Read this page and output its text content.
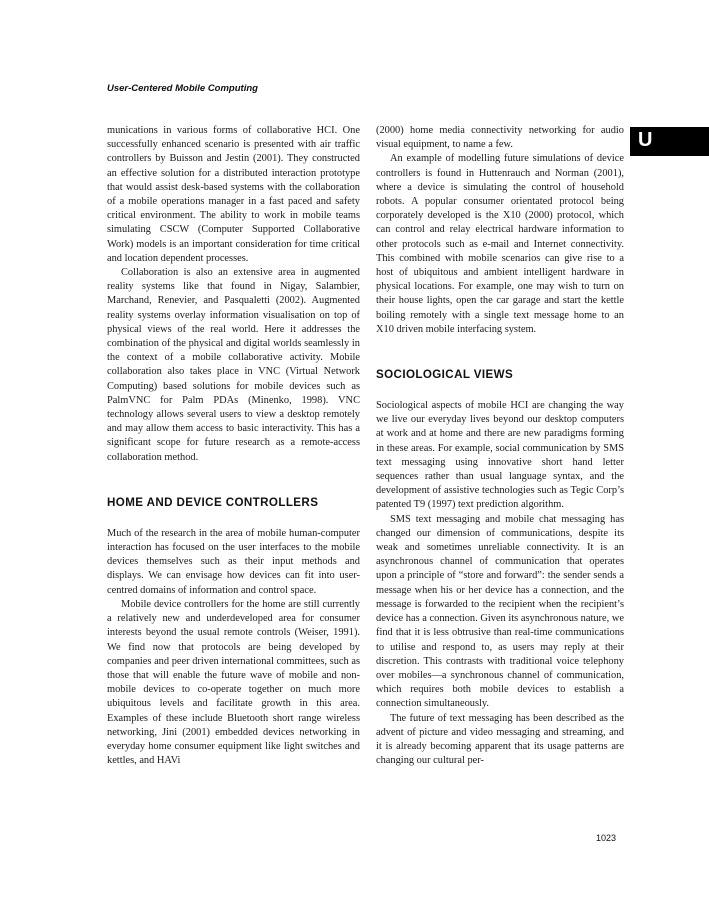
User-Centered Mobile Computing
U

munications in various forms of collaborative HCI. One successfully enhanced scenario is presented with air traffic controllers by Buisson and Jestin (2001). They constructed an effective solution for a distributed interaction prototype that would assist desk-based systems with the collaboration of a mobile operations manager in a fast paced and safety critical environment. The ability to work in mobile teams simulating CSCW (Computer Supported Collaborative Work) models is an important consideration for time critical and location dependent processes.

Collaboration is also an extensive area in augmented reality systems like that found in Nigay, Salambier, Marchand, Renevier, and Pasqualetti (2002). Augmented reality systems overlay information visualisation on top of physical views of the real world. Here it addresses the combination of the physical and digital worlds seamlessly in the context of a mobile collaborative activity. Mobile collaboration also takes place in VNC (Virtual Network Computing) based solutions for mobile devices such as PalmVNC for Palm PDAs (Minenko, 1998). VNC technology allows several users to view a desktop remotely and may allow them access to basic interactivity. This has a significant scope for future research as a remote-access collaboration method.

HOME AND DEVICE CONTROLLERS

Much of the research in the area of mobile human-computer interaction has focused on the user interfaces to the mobile devices themselves such as their input methods and displays. We can envisage how devices can fit into user-centred domains of information and control space.

Mobile device controllers for the home are still currently a relatively new and underdeveloped area for consumer interests beyond the usual remote controls (Weiser, 1991). We find now that protocols are being developed by companies and peer driven international committees, such as those that will enable the future wave of mobile and non-mobile devices to co-operate together on much more ubiquitous levels and facilitate growth in this area. Examples of these include Bluetooth short range wireless networking, Jini (2001) embedded devices networking in everyday home consumer equipment like light switches and kettles, and HAVi

(2000) home media connectivity networking for audio visual equipment, to name a few.

An example of modelling future simulations of device controllers is found in Huttenrauch and Norman (2001), where a device is simulating the control of household robots. A popular consumer orientated protocol being corporately developed is the X10 (2000) protocol, which can control and relay electrical hardware information to other protocols such as e-mail and Internet connectivity. This combined with mobile scenarios can give rise to a host of ubiquitous and ambient intelligent hardware in physical locations. For example, one may wish to turn on their house lights, open the car garage and start the kettle boiling remotely with a single text message home to an X10 driven mobile interfacing system.

SOCIOLOGICAL VIEWS

Sociological aspects of mobile HCI are changing the way we live our everyday lives beyond our desktop computers at work and at home and there are new paradigms forming in these areas. For example, social communication by SMS text messaging using innovative short hand letter sequences rather than usual language syntax, and the development of assistive technologies such as Tegic Corp’s patented T9 (1997) text prediction algorithm.

SMS text messaging and mobile chat messaging has changed our dimension of communications, despite its weak and sometimes unreliable connectivity. It is an asynchronous channel of communication that operates upon a principle of “store and forward”: the sender sends a message when his or her device has a connection, and the message is forwarded to the recipient when the recipient’s device has a connection. Given its asynchronous nature, we find that it is less obtrusive than real-time communications to utilise and respond to, as users may reply at their discretion. This contrasts with traditional voice telephony over mobiles—a synchronous channel of communication, which requires both mobile devices to establish a connection simultaneously.

The future of text messaging has been described as the advent of picture and video messaging and streaming, and it is already becoming apparent that its usage patterns are changing our cultural per-

1023
